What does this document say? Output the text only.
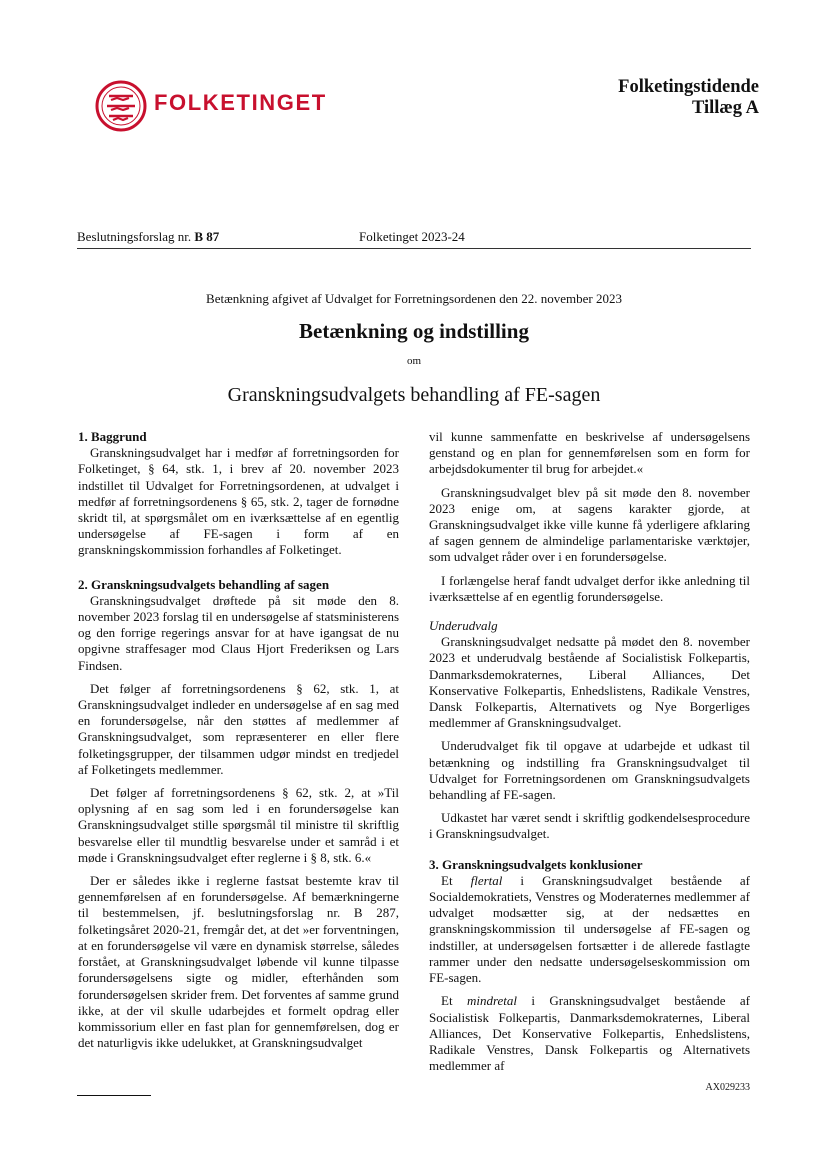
FOLKETINGET
Folketingstidende
Tillæg A
Beslutningsforslag nr. B 87	Folketinget 2023-24
Betænkning afgivet af Udvalget for Forretningsordenen den 22. november 2023
Betænkning og indstilling
om
Granskningsudvalgets behandling af FE-sagen
1. Baggrund

Granskningsudvalget har i medfør af forretningsorden for Folketinget, § 64, stk. 1, i brev af 20. november 2023 indstillet til Udvalget for Forretningsordenen, at udvalget i medfør af forretningsordenens § 65, stk. 2, tager de fornødne skridt til, at spørgsmålet om en iværksættelse af en egentlig undersøgelse af FE-sagen i form af en granskningskommission forhandles af Folketinget.

2. Granskningsudvalgets behandling af sagen

Granskningsudvalget drøftede på sit møde den 8. november 2023 forslag til en undersøgelse af statsministerens og den forrige regerings ansvar for at have igangsat de nu opgivne straffesager mod Claus Hjort Frederiksen og Lars Findsen.

Det følger af forretningsordenens § 62, stk. 1, at Granskningsudvalget indleder en undersøgelse af en sag med en forundersøgelse, når den støttes af medlemmer af Granskningsudvalget, som repræsenterer en eller flere folketingsgrupper, der tilsammen udgør mindst en tredjedel af Folketingets medlemmer.

Det følger af forretningsordenens § 62, stk. 2, at »Til oplysning af en sag som led i en forundersøgelse kan Granskningsudvalget stille spørgsmål til ministre til skriftlig besvarelse eller til mundtlig besvarelse under et samråd i et møde i Granskningsudvalget efter reglerne i § 8, stk. 6.«

Der er således ikke i reglerne fastsat bestemte krav til gennemførelsen af en forundersøgelse. Af bemærkningerne til bestemmelsen, jf. beslutningsforslag nr. B 287, folketingsåret 2020-21, fremgår det, at det »er forventningen, at en forundersøgelse vil være en dynamisk størrelse, således forstået, at Granskningsudvalget løbende vil kunne tilpasse forundersøgelsens sigte og midler, efterhånden som forundersøgelsen skrider frem. Det forventes af samme grund ikke, at der vil skulle udarbejdes et formelt opdrag eller kommissorium eller en fast plan for gennemførelsen, dog er det naturligvis ikke udelukket, at Granskningsudvalget

vil kunne sammenfatte en beskrivelse af undersøgelsens genstand og en plan for gennemførelsen som en form for arbejdsdokumenter til brug for arbejdet.«

Granskningsudvalget blev på sit møde den 8. november 2023 enige om, at sagens karakter gjorde, at Granskningsudvalget ikke ville kunne få yderligere afklaring af sagen gennem de almindelige parlamentariske værktøjer, som udvalget råder over i en forundersøgelse.

I forlængelse heraf fandt udvalget derfor ikke anledning til iværksættelse af en egentlig forundersøgelse.

Underudvalg

Granskningsudvalget nedsatte på mødet den 8. november 2023 et underudvalg bestående af Socialistisk Folkepartis, Danmarksdemokraternes, Liberal Alliances, Det Konservative Folkepartis, Enhedslistens, Radikale Venstres, Dansk Folkepartis, Alternativets og Nye Borgerliges medlemmer af Granskningsudvalget.

Underudvalget fik til opgave at udarbejde et udkast til betænkning og indstilling fra Granskningsudvalget til Udvalget for Forretningsordenen om Granskningsudvalgets behandling af FE-sagen.

Udkastet har været sendt i skriftlig godkendelsesprocedure i Granskningsudvalget.

3. Granskningsudvalgets konklusioner

Et flertal i Granskningsudvalget bestående af Socialdemokratiets, Venstres og Moderaternes medlemmer af udvalget modsætter sig, at der nedsættes en granskningskommission til undersøgelse af FE-sagen og indstiller, at undersøgelsen fortsætter i de allerede fastlagte rammer under den nedsatte undersøgelseskommission om FE-sagen.

Et mindretal i Granskningsudvalget bestående af Socialistisk Folkepartis, Danmarksdemokraternes, Liberal Alliances, Det Konservative Folkepartis, Enhedslistens, Radikale Venstres, Dansk Folkepartis og Alternativets medlemmer af

AX029233
